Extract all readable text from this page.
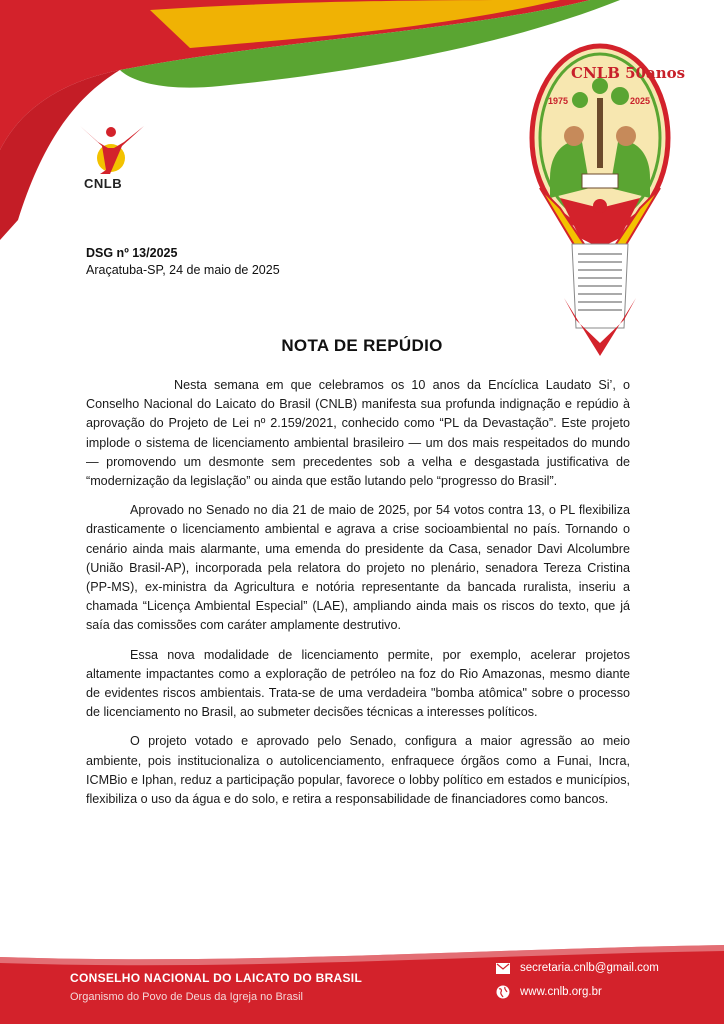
CNLB
CNLB 50anos
1975	2025
DSG nº 13/2025
Araçatuba-SP, 24 de maio de 2025
NOTA DE REPÚDIO

Nesta semana em que celebramos os 10 anos da Encíclica Laudato Si’, o Conselho Nacional do Laicato do Brasil (CNLB) manifesta sua profunda indignação e repúdio à aprovação do Projeto de Lei nº 2.159/2021, conhecido como “PL da Devastação”. Este projeto implode o sistema de licenciamento ambiental brasileiro — um dos mais respeitados do mundo — promovendo um desmonte sem precedentes sob a velha e desgastada justificativa de “modernização da legislação” ou ainda que estão lutando pelo “progresso do Brasil”.

Aprovado no Senado no dia 21 de maio de 2025, por 54 votos contra 13, o PL flexibiliza drasticamente o licenciamento ambiental e agrava a crise socioambiental no país. Tornando o cenário ainda mais alarmante, uma emenda do presidente da Casa, senador Davi Alcolumbre (União Brasil-AP), incorporada pela relatora do projeto no plenário, senadora Tereza Cristina (PP-MS), ex-ministra da Agricultura e notória representante da bancada ruralista, inseriu a chamada “Licença Ambiental Especial” (LAE), ampliando ainda mais os riscos do texto, que já saía das comissões com caráter amplamente destrutivo.

Essa nova modalidade de licenciamento permite, por exemplo, acelerar projetos altamente impactantes como a exploração de petróleo na foz do Rio Amazonas, mesmo diante de evidentes riscos ambientais. Trata-se de uma verdadeira "bomba atômica" sobre o processo de licenciamento no Brasil, ao submeter decisões técnicas a interesses políticos.

O projeto votado e aprovado pelo Senado, configura a maior agressão ao meio ambiente, pois institucionaliza o autolicenciamento, enfraquece órgãos como a Funai, Incra, ICMBio e Iphan, reduz a participação popular, favorece o lobby político em estados e municípios, flexibiliza o uso da água e do solo, e retira a responsabilidade de financiadores como bancos.

CONSELHO NACIONAL DO LAICATO DO BRASIL
Organismo do Povo de Deus da Igreja no Brasil
secretaria.cnlb@gmail.com
www.cnlb.org.br
